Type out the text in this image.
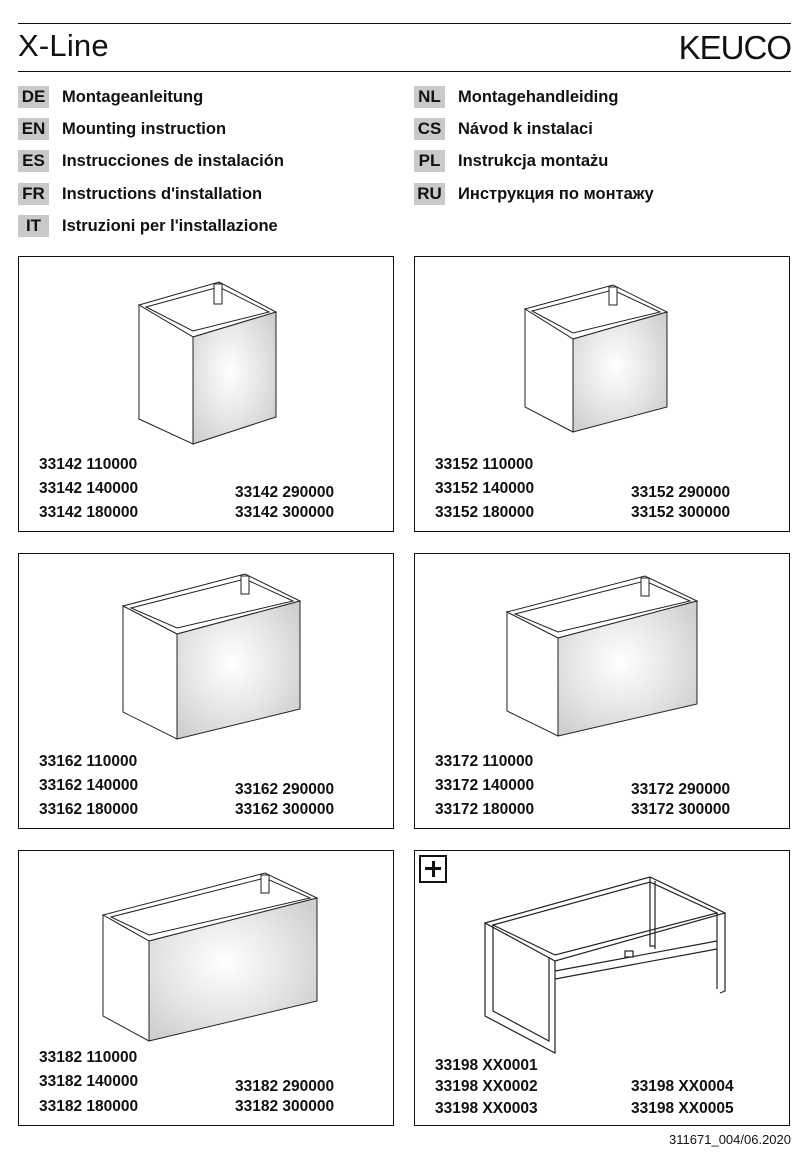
X-Line	KEUCO
DE Montageanleitung
EN Mounting instruction
ES Instrucciones de instalación
FR Instructions d'installation
IT	Istruzioni per l'installazione
NL Montagehandleiding
CS Návod k instalaci
PL Instrukcja montażu
RU Инструкция по монтажу
33142 110000
33142 140000
33142 180000
33142 290000
33142 300000
33152 110000
33152 140000
33152 180000
33152 290000
33152 300000
33162 110000
33162 140000
33162 180000
33162 290000
33162 300000
33172 110000
33172 140000
33172 180000
33172 290000
33172 300000
33182 110000
33182 140000
33182 180000
33182 290000
33182 300000
33198 XX0001
33198 XX0002
33198 XX0003
33198 XX0004
33198 XX0005
311671_004/06.2020
